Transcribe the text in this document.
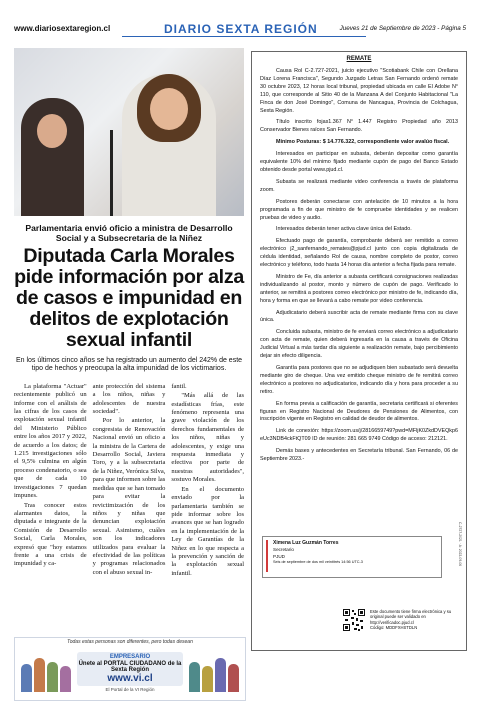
www.diariosextaregion.cl	DIARIO SEXTA REGIÓN	Jueves 21 de Septiembre de 2023 - Página 5
Parlamentaria envió oficio a ministra de Desarrollo Social y a Subsecretaria de la Niñez
Diputada Carla Morales pide información por alza de casos e impunidad en delitos de explotación sexual infantil
En los últimos cinco años se ha registrado un aumento del 242% de este tipo de hechos y preocupa la alta impunidad de los victimarios.

La plataforma "Actuar" recientemente publicó un informe con el análisis de las cifras de los casos de explotación sexual infantil del Ministerio Público entre los años 2017 y 2022, de acuerdo a los datos; de 1.215 investigaciones sólo el 9,5% culmina en algún proceso condenatorio, o sea que de cada 10 investigaciones 7 quedan impunes.

Tras conocer estos alarmantes datos, la diputada e integrante de la Comisión de Desarrollo Social, Carla Morales, expresó que "hoy estamos frente a una crisis de impunidad y ca-

ante protección del sistema a los niños, niñas y adolescentes de nuestra sociedad".

Por lo anterior, la congresista de Renovación Nacional envió un oficio a la ministra de la Cartera de Desarrollo Social, Javiera Toro, y a la subsecretaria de la Niñez, Verónica Silva, para que informen sobre las medidas que se han tomado para evitar la revictimización de los niños y niñas que denuncian explotación sexual. Asimismo, cuáles son los indicadores utilizados para evaluar la efectividad de las políticas y programas relacionados con el abuso sexual in-

fantil.

"Más allá de las estadísticas frías, este fenómeno representa una grave violación de los derechos fundamentales de los niños, niñas y adolescentes, y exige una respuesta inmediata y efectiva por parte de nuestras autoridades", sostuvo Morales.

En el documento enviado por la parlamentaria también se pide informar sobre los avances que se han logrado en la implementación de la Ley de Garantías de la Niñez en lo que respecta a la prevención y sanción de la explotación sexual infantil.

Todas estas personas son diferentes, pero todas desean
EMPRESARIO
Únete al PORTAL CIUDADANO de la Sexta Región
www.vi.cl
El Portal de la VI Región
REMATE

Causa Rol C-2.727-2021, juicio ejecutivo "Scotiabank Chile con Orellana Díaz Lorena Francisca", Segundo Juzgado Letras San Fernando ordenó remate 30 octubre 2023, 12 horas local tribunal, propiedad ubicada en calle El Adobe N° 110, que corresponde al Sitio 40 de la Manzana A del Conjunto Habitacional "La Finca de don José Domingo", Comuna de Nancagua, Provincia de Colchagua, Sexta Región.

Título inscrito fojas1.367 N° 1.447 Registro Propiedad año 2013 Conservador Bienes raíces San Fernando.

Mínimo Posturas: $ 14.776.322, correspondiente valor avalúo fiscal.

Interesados en participar en subasta, deberán depositar como garantía equivalente 10% del mínimo fijado mediante cupón de pago del Banco Estado obtenido desde portal www.pjud.cl.

Subasta se realizará mediante video conferencia a través de plataforma zoom.

Postores deberán conectarse con antelación de 10 minutos a la hora programada a fin de que ministro de fe compruebe identidades y se realicen pruebas de video y audio.

Interesados deberán tener activa clave única del Estado.

Efectuado pago de garantía, comprobante deberá ser remitido a correo electrónico j2_sanfernando_remates@pjud.cl junto con copia digitalizada de cédula identidad, señalando Rol de causa, nombre completo de postor, correo electrónico y teléfono, todo hasta 14 horas día anterior a fecha fijada para remate.

Ministro de Fe, día anterior a subasta certificará consignaciones realizadas individualizando al postor, monto y número de cupón de pago. Verificado lo anterior, se remitirá a postores correo electrónico por ministro de fe, indicando día, hora y forma en que se llevará a cabo remate por video conferencia.

Adjudicatario deberá suscribir acta de remate mediante firma con su clave única.

Concluida subasta, ministro de fe enviará correo electrónico a adjudicatario con acta de remate, quien deberá ingresarla en la causa a través de Oficina Judicial Virtual a más tardar día siguiente a realización remate, bajo percibimiento dejar sin efecto diligencia.

Garantía para postores que no se adjudiquen bien subastado será devuelta mediante giro de cheque. Una vez emitido cheque ministro de fe remitirá correo electrónico a postores no adjudicatarios, indicando día y hora para proceder a su retiro.

En forma previa a calificación de garantía, secretaria certificará si oferentes figuran en Registro Nacional de Deudores de Pensiones de Alimentos, con inscripción vigente en Registro en calidad de deudor de alimentos.

Link de conexión: https://zoom.us/j/2816659749?pwd=MFljK0ZkdDVEQkp6eUc3NDB4ckFtQT09 ID de reunión: 281 665 9749 Código de acceso: 212121.

Demás bases y antecedentes en Secretaría tribunal. San Fernando, 06 de Septiembre 2023.-

Ximena Luz Guzmán Torres
Secretario
PJUD
Seis de septiembre de dos mil veintitrés 14:56 UTC-3	C-2727-2021 · A: 2023-09-06
Este documento tiene firma electrónica y su original puede ser validado en http://verificadoc.pjud.cl
Código: MDDFXHSTDLN
